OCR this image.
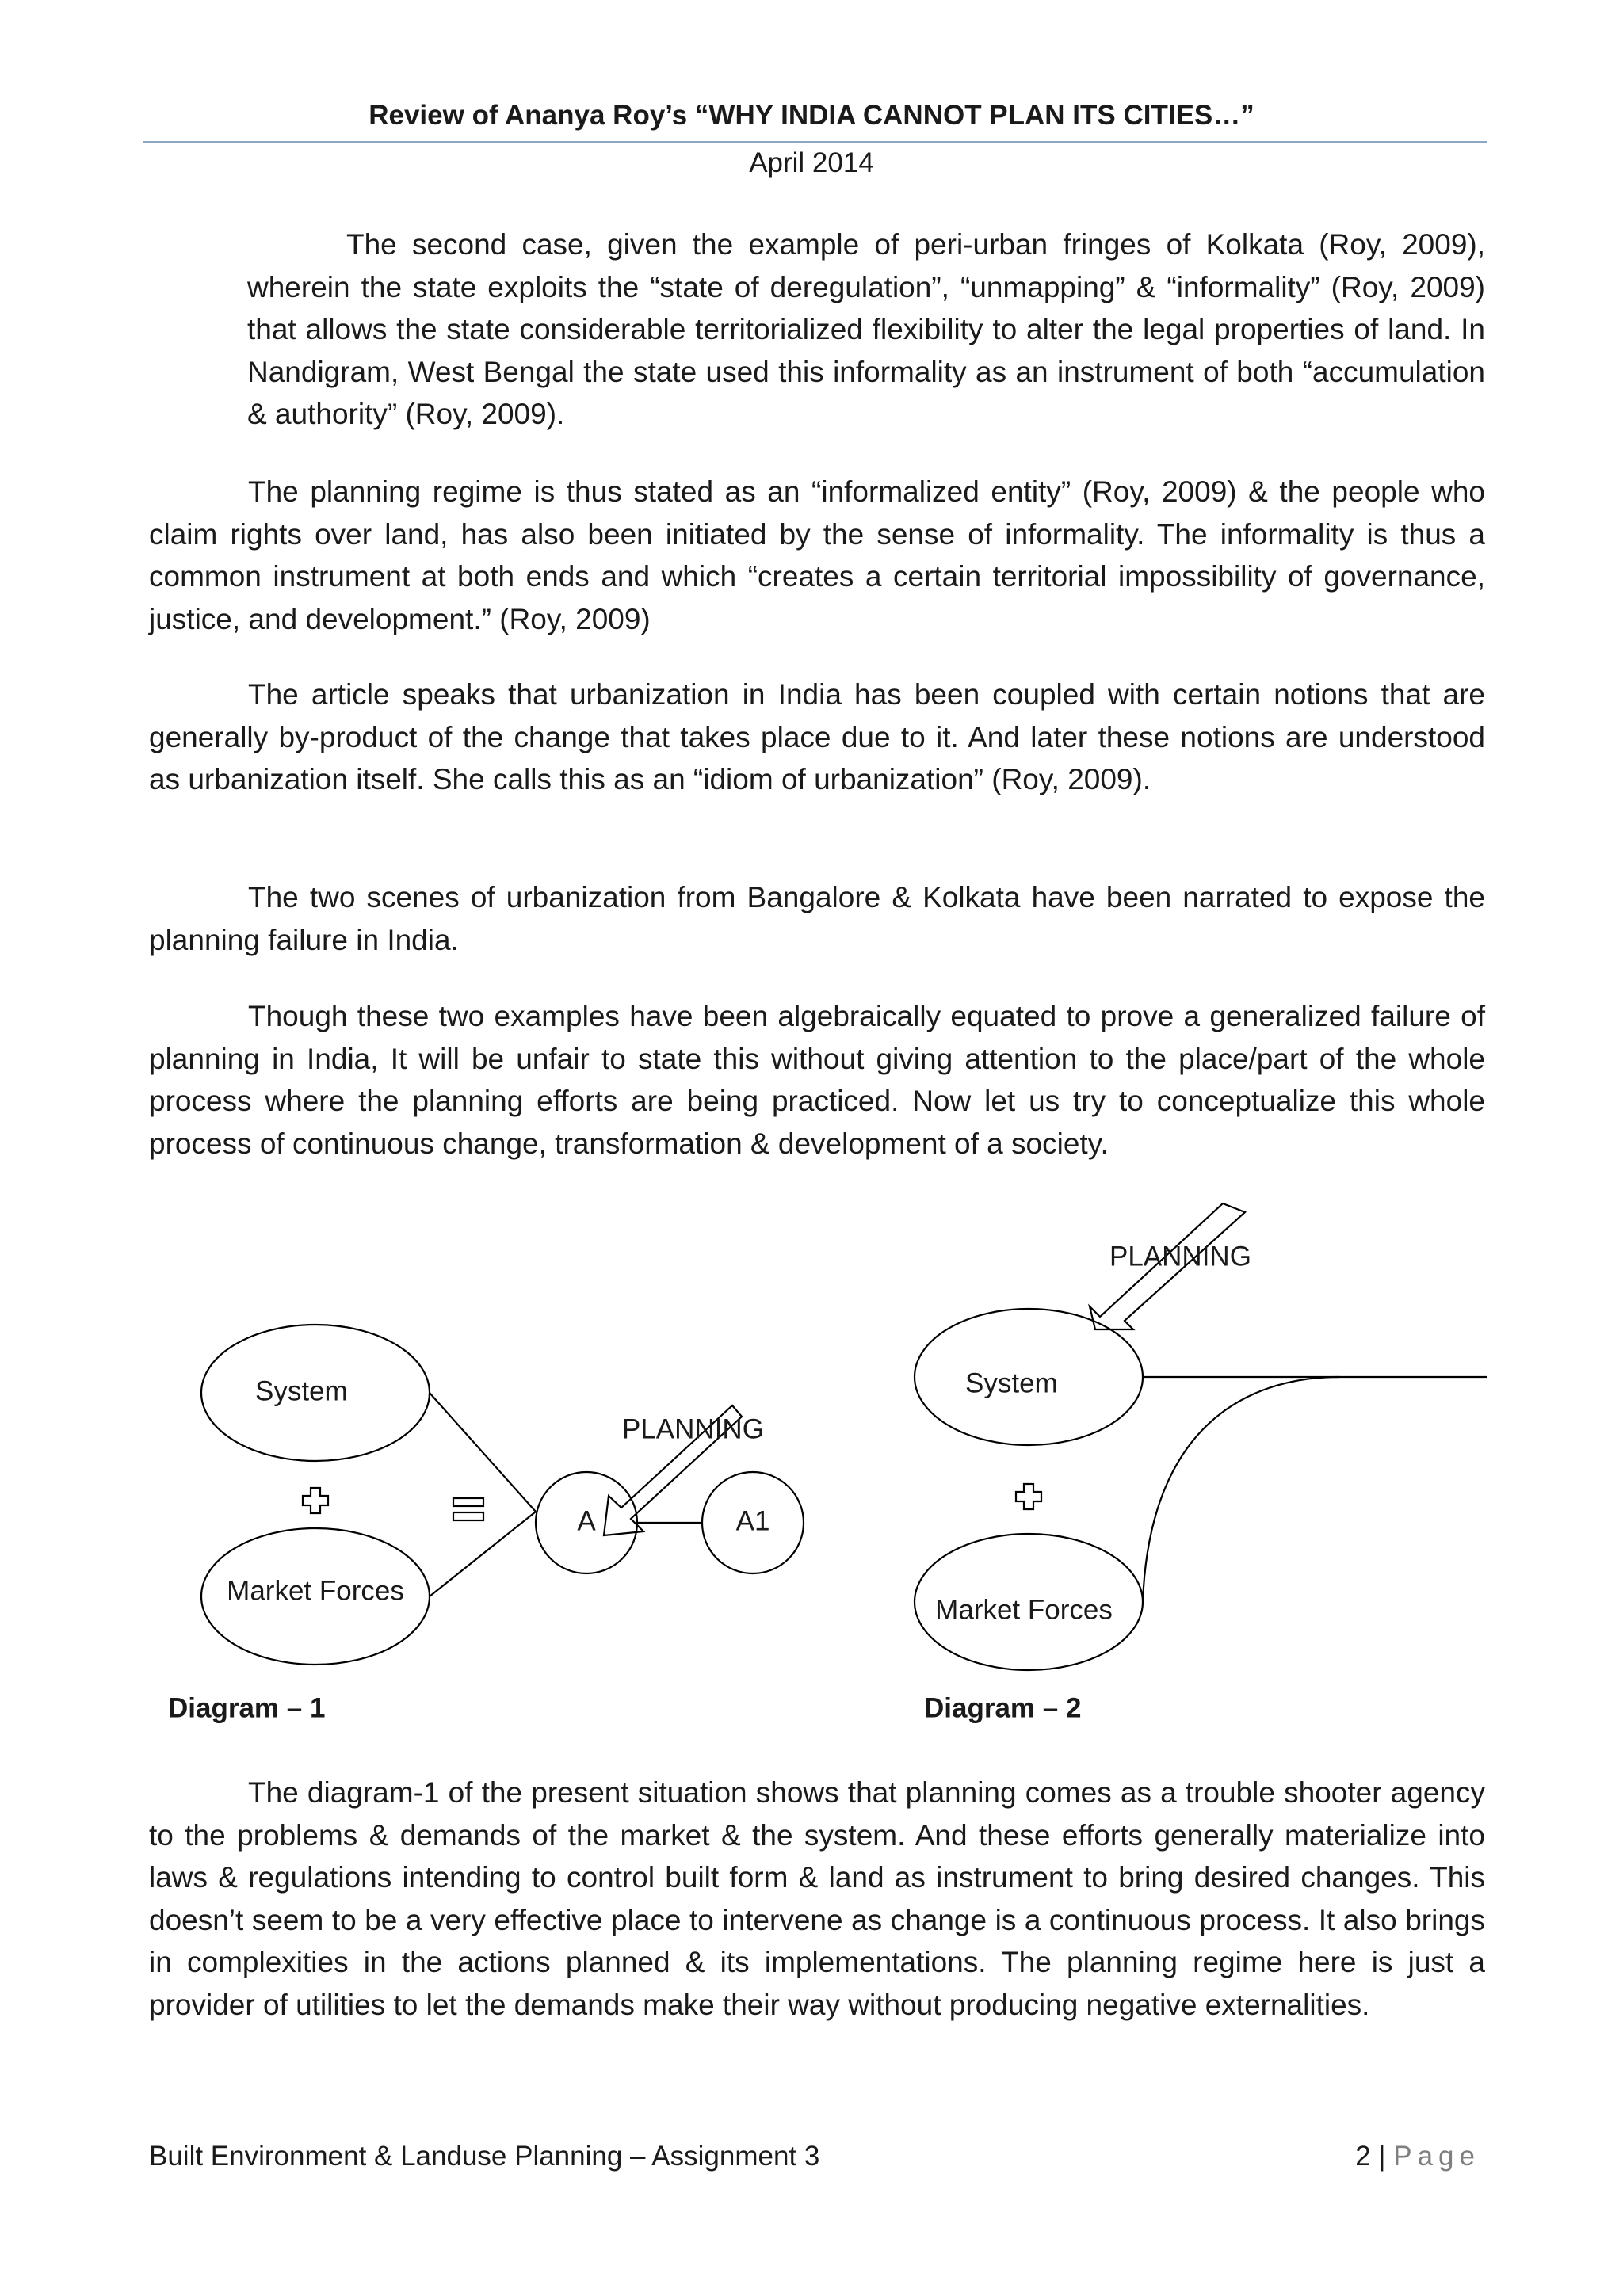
Review of Ananya Roy’s “WHY INDIA CANNOT PLAN ITS CITIES…”
April 2014

The second case, given the example of peri-urban fringes of Kolkata (Roy, 2009), wherein the state exploits the “state of deregulation”, “unmapping” & “informality” (Roy, 2009) that allows the state considerable territorialized flexibility to alter the legal properties of land. In Nandigram, West Bengal the state used this informality as an instrument of both “accumulation & authority” (Roy, 2009).

The planning regime is thus stated as an “informalized entity” (Roy, 2009) & the people who claim rights over land, has also been initiated by the sense of informality. The informality is thus a common instrument at both ends and which “creates a certain territorial impossibility of governance, justice, and development.” (Roy, 2009)

The article speaks that urbanization in India has been coupled with certain notions that are generally by-product of the change that takes place due to it. And later these notions are understood as urbanization itself. She calls this as an “idiom of urbanization” (Roy, 2009).

The two scenes of urbanization from Bangalore & Kolkata have been narrated to expose the planning failure in India.

Though these two examples have been algebraically equated to prove a generalized failure of planning in India, It will be unfair to state this without giving attention to the place/part of the whole process where the planning efforts are being practiced. Now let us try to conceptualize this whole process of continuous change, transformation & development of a society.

System
Market Forces
PLANNING
A	A1
System
Market Forces
PLANNING
Diagram – 1	Diagram – 2

The diagram-1 of the present situation shows that planning comes as a trouble shooter agency to the problems & demands of the market & the system. And these efforts generally materialize into laws & regulations intending to control built form & land as instrument to bring desired changes. This doesn’t seem to be a very effective place to intervene as change is a continuous process. It also brings in complexities in the actions planned & its implementations. The planning regime here is just a provider of utilities to let the demands make their way without producing negative externalities.

Built Environment & Landuse Planning – Assignment 3	2 | Page
